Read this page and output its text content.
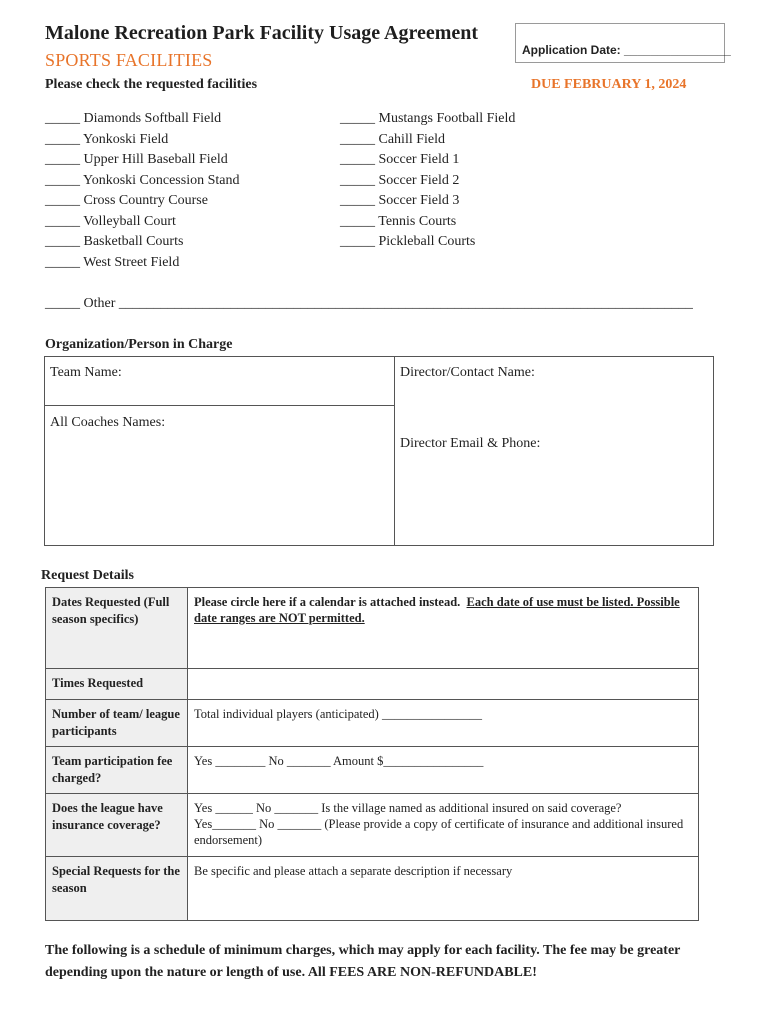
Malone Recreation Park Facility Usage Agreement
SPORTS FACILITIES	Application Date: ________________
Please check the requested facilities	DUE FEBRUARY 1, 2024
_____ Diamonds Softball Field
_____ Yonkoski Field
_____ Upper Hill Baseball Field
_____ Yonkoski Concession Stand
_____ Cross Country Course
_____ Volleyball Court
_____ Basketball Courts
_____ West Street Field
_____ Mustangs Football Field
_____ Cahill Field
_____ Soccer Field 1
_____ Soccer Field 2
_____ Soccer Field 3
_____ Tennis Courts
_____ Pickleball Courts
_____ Other __________________________________________________________________________________
Organization/Person in Charge
Team Name:
All Coaches Names:
Director/Contact Name:
Director Email & Phone:
Request Details
Dates Requested (Full season specifics)	Please circle here if a calendar is attached instead. Each date of use must be listed. Possible date ranges are NOT permitted.
Times Requested	
Number of team/ league participants	Total individual players (anticipated) ________________
Team participation fee charged?	Yes ________ No _______ Amount $________________
Does the league have insurance coverage?	Yes ______ No _______ Is the village named as additional insured on said coverage?
Yes_______ No _______ (Please provide a copy of certificate of insurance and additional insured endorsement)

Special Requests for the season	Be specific and please attach a separate description if necessary
The following is a schedule of minimum charges, which may apply for each facility. The fee may be greater depending upon the nature or length of use. All FEES ARE NON-REFUNDABLE!
